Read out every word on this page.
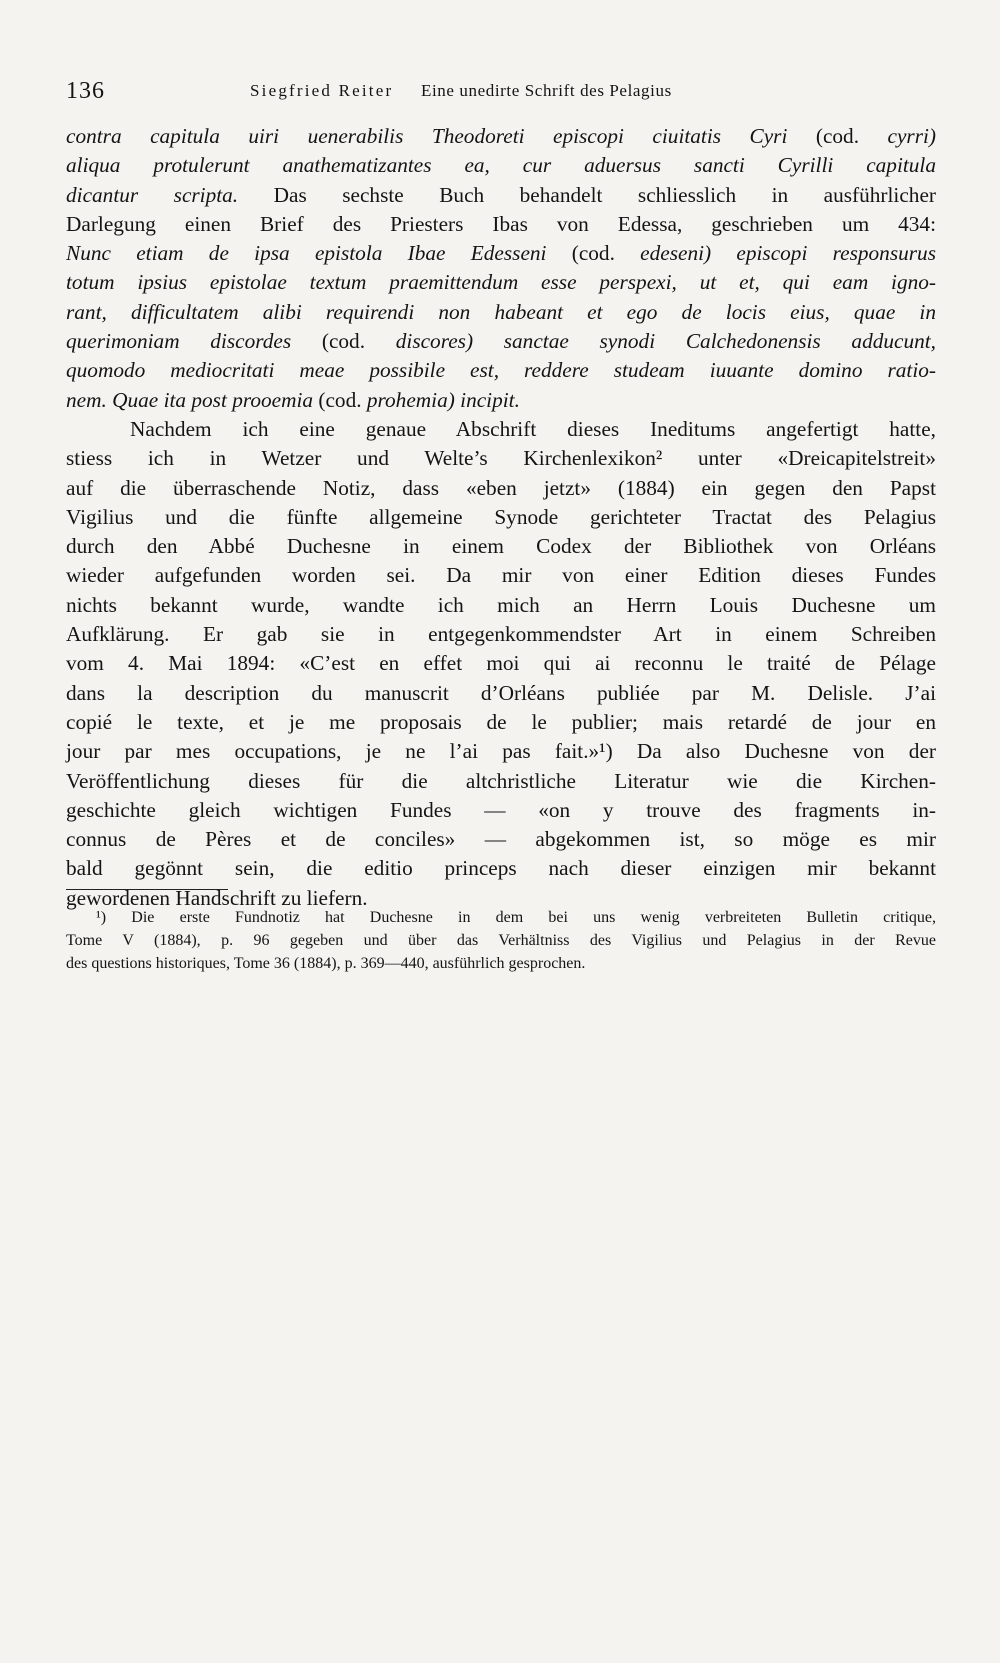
136	Siegfried Reiter Eine unedirte Schrift des Pelagius
contra capitula uiri uenerabilis Theodoreti episcopi ciuitatis Cyri (cod. cyrri)
aliqua protulerunt anathematizantes ea, cur aduersus sancti Cyrilli capitula
dicantur scripta. Das sechste Buch behandelt schliesslich in ausführlicher
Darlegung einen Brief des Priesters Ibas von Edessa, geschrieben um 434:
Nunc etiam de ipsa epistola Ibae Edesseni (cod. edeseni) episcopi responsurus
totum ipsius epistolae textum praemittendum esse perspexi, ut et, qui eam igno-
rant, difficultatem alibi requirendi non habeant et ego de locis eius, quae in
querimoniam discordes (cod. discores) sanctae synodi Calchedonensis adducunt,
quomodo mediocritati meae possibile est, reddere studeam iuuante domino ratio-
nem. Quae ita post prooemia (cod. prohemia) incipit.
Nachdem ich eine genaue Abschrift dieses Ineditums angefertigt hatte,
stiess ich in Wetzer und Welte’s Kirchenlexikon² unter «Dreicapitelstreit»
auf die überraschende Notiz, dass «eben jetzt» (1884) ein gegen den Papst
Vigilius und die fünfte allgemeine Synode gerichteter Tractat des Pelagius
durch den Abbé Duchesne in einem Codex der Bibliothek von Orléans
wieder aufgefunden worden sei. Da mir von einer Edition dieses Fundes
nichts bekannt wurde, wandte ich mich an Herrn Louis Duchesne um
Aufklärung. Er gab sie in entgegenkommendster Art in einem Schreiben
vom 4. Mai 1894: «C’est en effet moi qui ai reconnu le traité de Pélage
dans la description du manuscrit d’Orléans publiée par M. Delisle. J’ai
copié le texte, et je me proposais de le publier; mais retardé de jour en
jour par mes occupations, je ne l’ai pas fait.»¹) Da also Duchesne von der
Veröffentlichung dieses für die altchristliche Literatur wie die Kirchen-
geschichte gleich wichtigen Fundes — «on y trouve des fragments in-
connus de Pères et de conciles» — abgekommen ist, so möge es mir
bald gegönnt sein, die editio princeps nach dieser einzigen mir bekannt
gewordenen Handschrift zu liefern.
¹) Die erste Fundnotiz hat Duchesne in dem bei uns wenig verbreiteten Bulletin critique,
Tome V (1884), p. 96 gegeben und über das Verhältniss des Vigilius und Pelagius in der Revue
des questions historiques, Tome 36 (1884), p. 369—440, ausführlich gesprochen.
